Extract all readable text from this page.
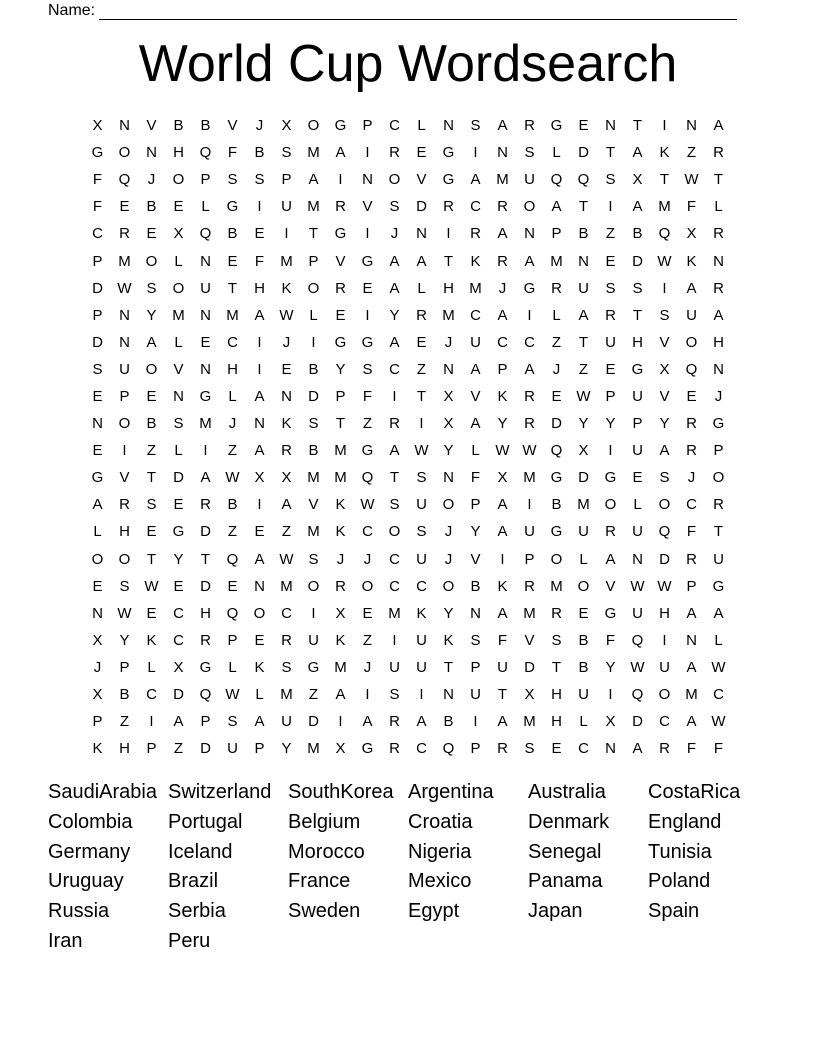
Name:
World Cup Wordsearch
X	N	V	B	B	V	J	X	O	G	P	C	L	N	S	A	R	G	E	N	T	I	N	A
G	O	N	H	Q	F	B	S	M	A	I	R	E	G	I	N	S	L	D	T	A	K	Z	R
F	Q	J	O	P	S	S	P	A	I	N	O	V	G	A	M	U	Q	Q	S	X	T	W	T
F	E	B	E	L	G	I	U	M	R	V	S	D	R	C	R	O	A	T	I	A	M	F	L
C	R	E	X	Q	B	E	I	T	G	I	J	N	I	R	A	N	P	B	Z	B	Q	X	R
P	M O	L	N	E	F	M	P	V	G	A	A	T	K	R	A	M	N	E	D W K	N
D W S	O	U	T	H	K	O	R	E	A	L	H	M	J	G	R	U	S	S	I	A	R
P	N	Y	M	N	M	A W	L	E	I	Y	R	M	C	A	I	L	A	R	T	S	U	A
D	N	A	L	E	C	I	J	I	G	G	A	E	J	U	C	C	Z	T	U	H	V	O	H
S	U	O	V	N	H	I	E	B	Y	S	C	Z	N	A	P	A	J	Z	E	G	X	Q	N
E	P	E	N	G	L	A	N	D	P	F	I	T	X	V	K	R	E W P	U	V	E	J
N	O	B	S	M	J	N	K	S	T	Z	R	I	X	A	Y	R	D	Y	Y	P	Y	R	G
E	I	Z	L	I	Z	A	R	B	M G	A W Y	L	W W Q	X	I	U	A	R	P
G	V	T	D	A W X	X	M M Q	T	S	N	F	X	M G	D	G	E	S	J	O
A	R	S	E	R	B	I	A	V	K W S	U	O	P	A	I	B	M O	L	O	C	R
L	H	E	G	D	Z	E	Z	M	K	C	O	S	J	Y	A	U	G	U	R	U	Q	F	T
O	O	T	Y	T	Q	A W S	J	J	C	U	J	V	I	P	O	L	A	N	D	R	U
E	S W E	D	E	N	M O	R	O	C	C	O	B	K	R	M O	V W W P	G
N W E	C	H	Q	O	C	I	X	E	M	K	Y	N	A	M	R	E	G	U	H	A	A
X	Y	K	C	R	P	E	R	U	K	Z	I	U	K	S	F	V	S	B	F	Q	I	N	L
J	P	L	X	G	L	K	S	G M	J	U	U	T	P	U	D	T	B	Y W U	A W
X	B	C	D	Q W	L	M	Z	A	I	S	I	N	U	T	X	H	U	I	Q	O M	C
P	Z	I	A	P	S	A	U	D	I	A	R	A	B	I	A	M	H	L	X	D	C	A W
K	H	P	Z	D	U	P	Y	M	X	G	R	C	Q	P	R	S	E	C	N	A	R	F	F
SaudiArabia Switzerland SouthKorea Argentina	Australia	CostaRica
Colombia	Portugal	Belgium	Croatia	Denmark	England
Germany	Iceland	Morocco	Nigeria	Senegal	Tunisia
Uruguay	Brazil	France	Mexico	Panama	Poland
Russia	Serbia	Sweden	Egypt	Japan	Spain
Iran	Peru
